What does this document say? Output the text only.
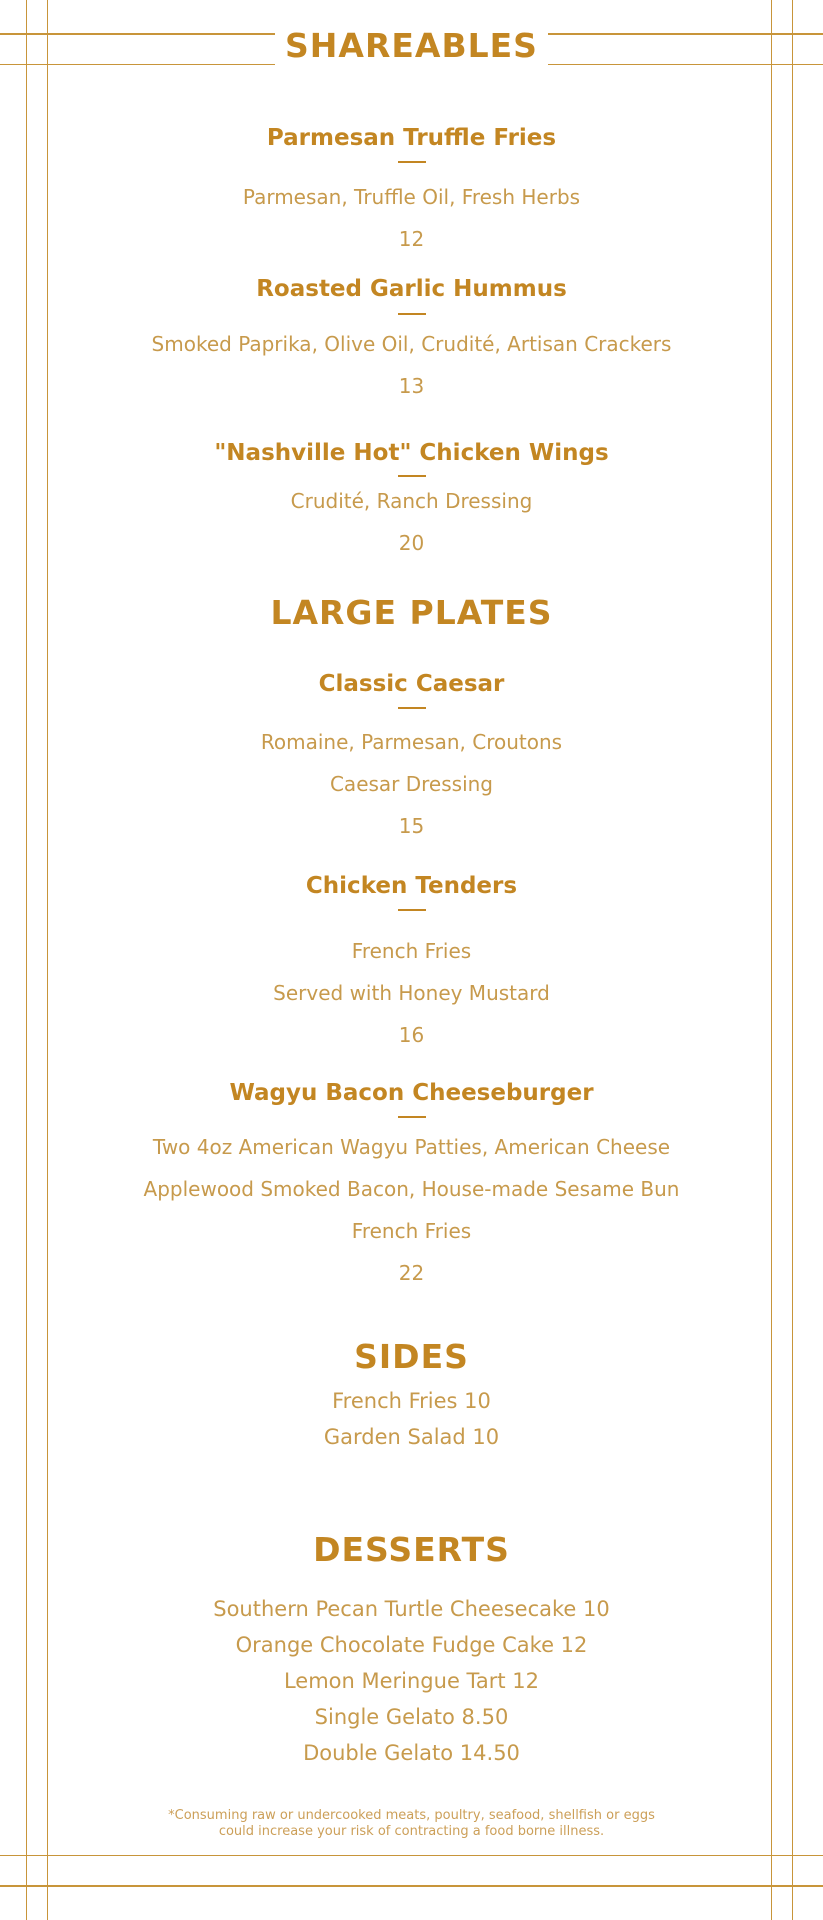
SHAREABLES
Parmesan Truffle Fries
Parmesan, Truffle Oil, Fresh Herbs
12
Roasted Garlic Hummus
Smoked Paprika, Olive Oil, Crudité, Artisan Crackers
13
"Nashville Hot" Chicken Wings
Crudité, Ranch Dressing
20
LARGE PLATES
Classic Caesar
Romaine, Parmesan, Croutons
Caesar Dressing
15
Chicken Tenders
French Fries
Served with Honey Mustard
16
Wagyu Bacon Cheeseburger
Two 4oz American Wagyu Patties, American Cheese
Applewood Smoked Bacon, House-made Sesame Bun
French Fries
22
SIDES
French Fries 10
Garden Salad 10
DESSERTS
Southern Pecan Turtle Cheesecake 10
Orange Chocolate Fudge Cake 12
Lemon Meringue Tart 12
Single Gelato 8.50
Double Gelato 14.50
*Consuming raw or undercooked meats, poultry, seafood, shellfish or eggs
could increase your risk of contracting a food borne illness.
